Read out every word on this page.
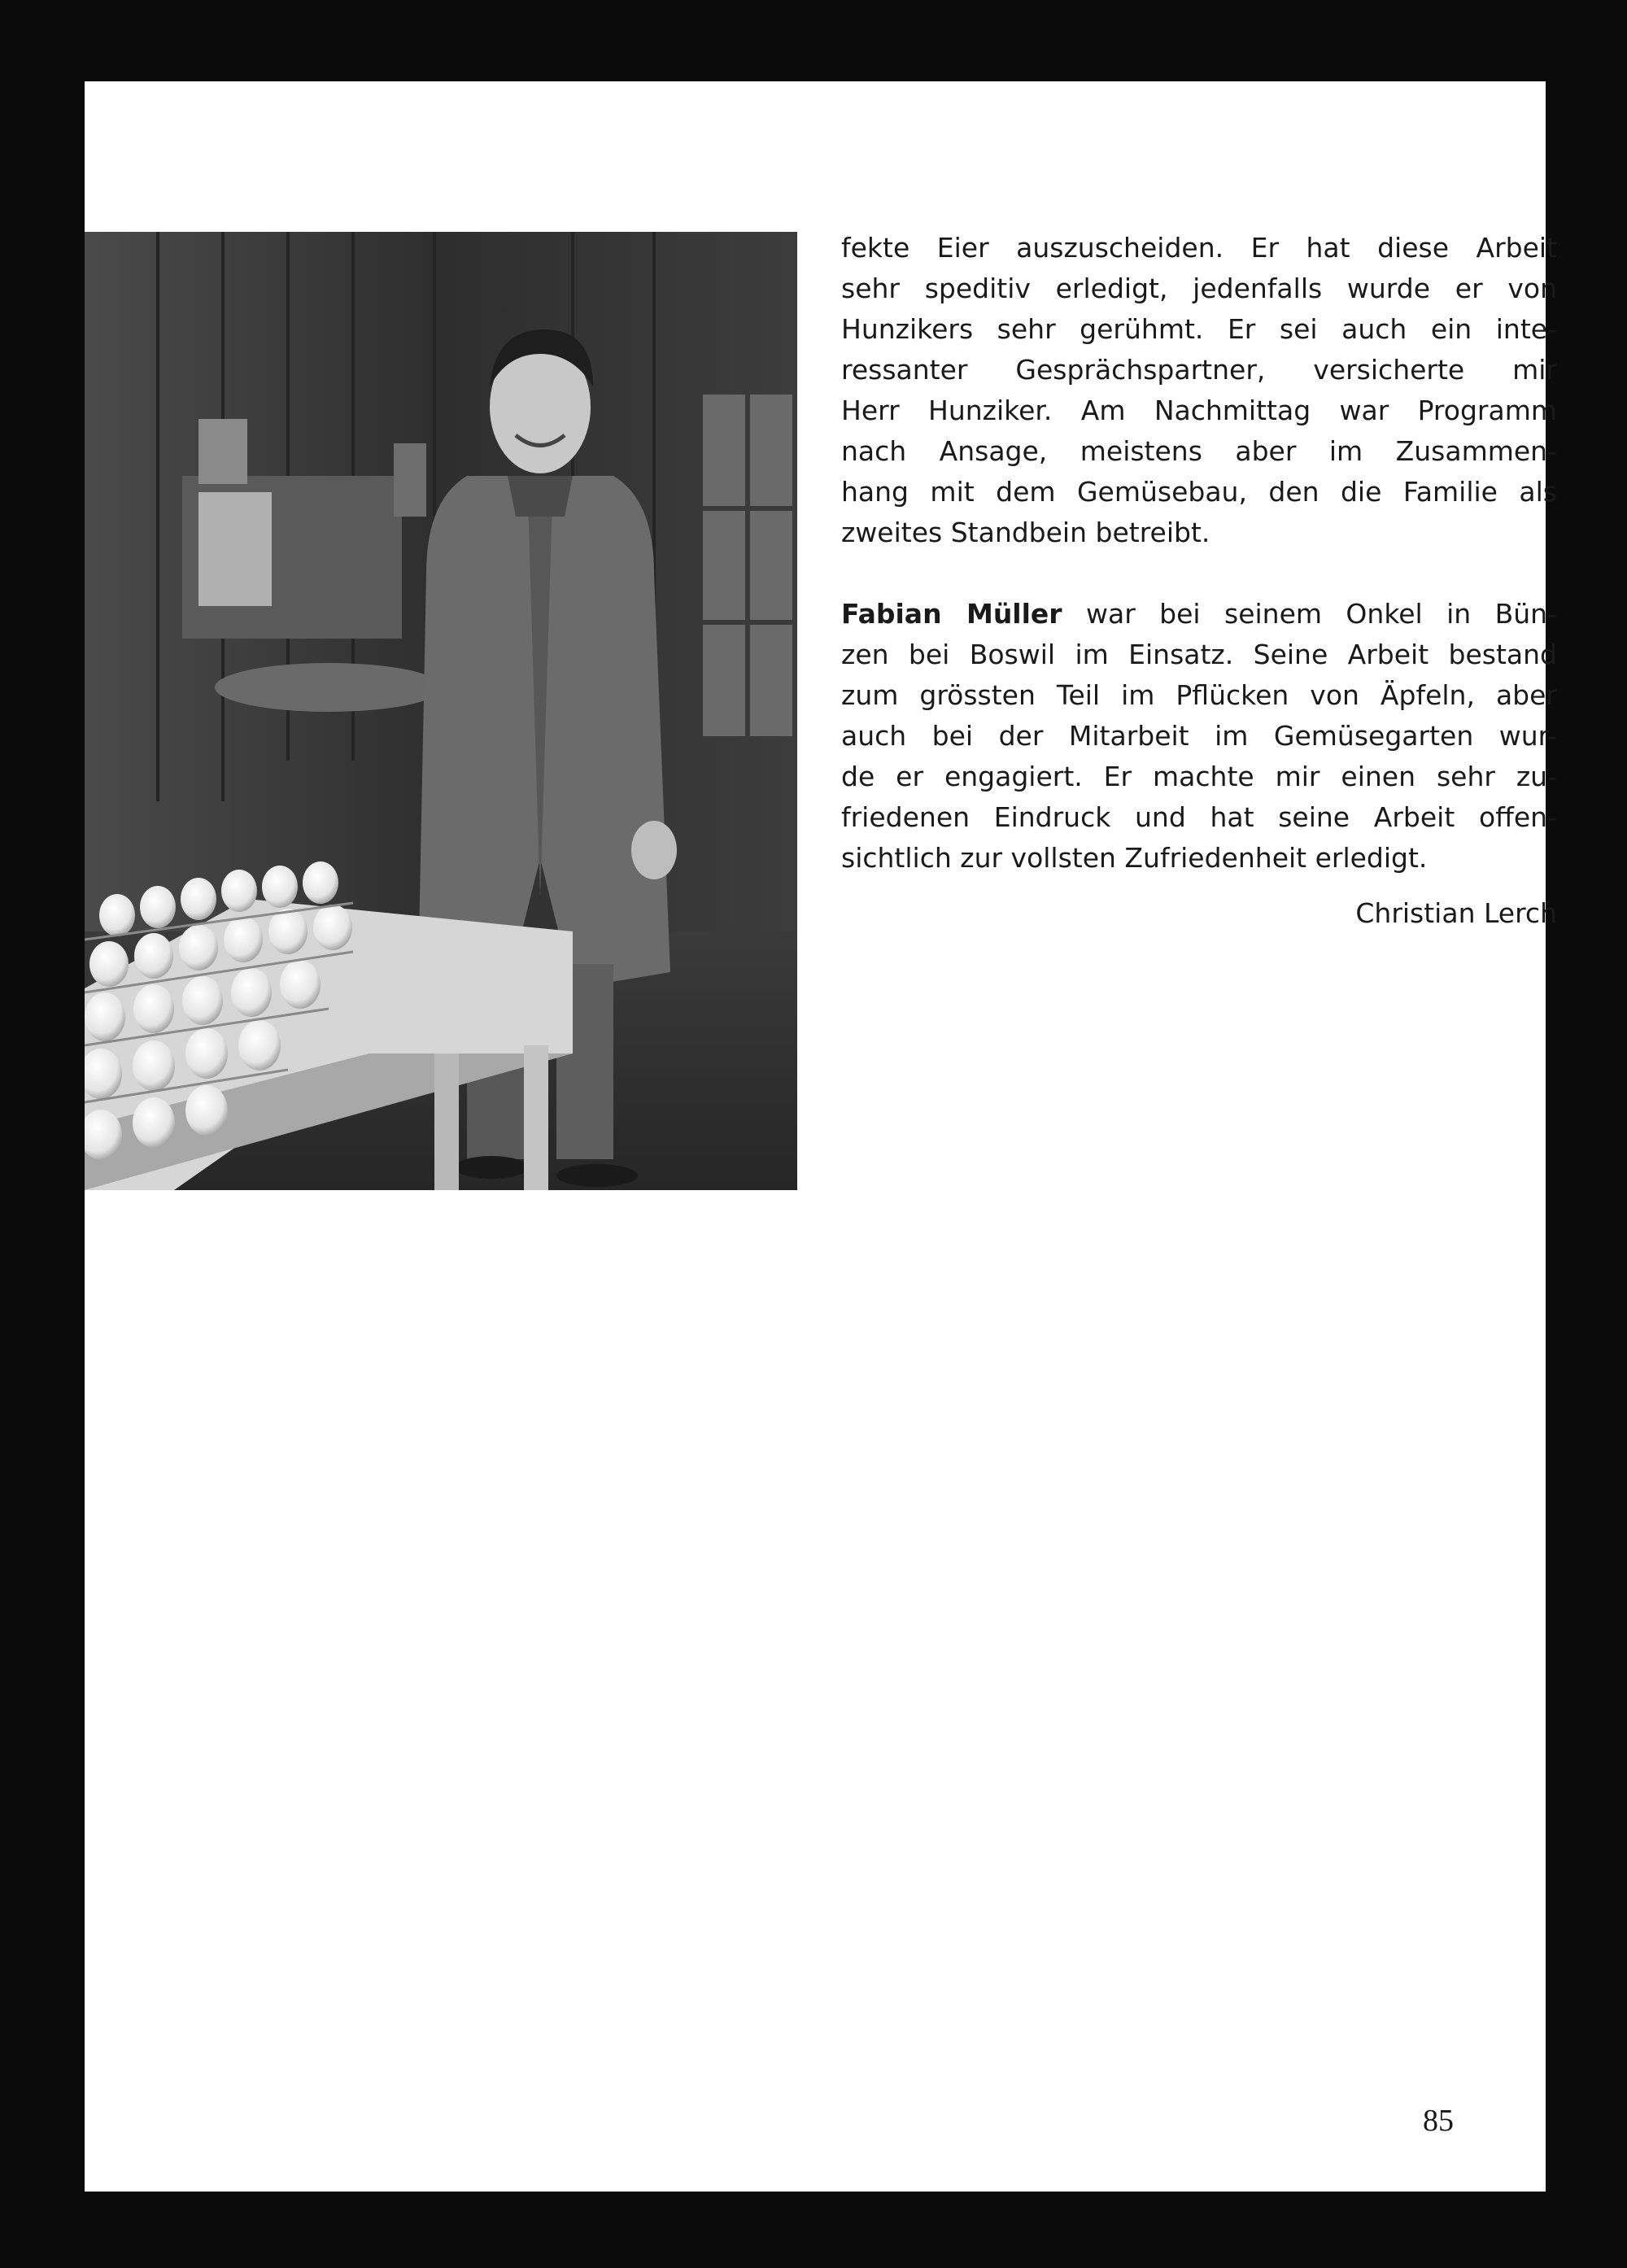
fekte Eier auszuscheiden. Er hat diese Arbeit
sehr speditiv erledigt, jedenfalls wurde er von
Hunzikers sehr gerühmt. Er sei auch ein inte-
ressanter Gesprächspartner, versicherte mir
Herr Hunziker. Am Nachmittag war Programm
nach Ansage, meistens aber im Zusammen-
hang mit dem Gemüsebau, den die Familie als
zweites Standbein betreibt.
Fabian Müller war bei seinem Onkel in Bün-
zen bei Boswil im Einsatz. Seine Arbeit bestand
zum grössten Teil im Pflücken von Äpfeln, aber
auch bei der Mitarbeit im Gemüsegarten wur-
de er engagiert. Er machte mir einen sehr zu-
friedenen Eindruck und hat seine Arbeit offen-
sichtlich zur vollsten Zufriedenheit erledigt.
Christian Lerch
85
